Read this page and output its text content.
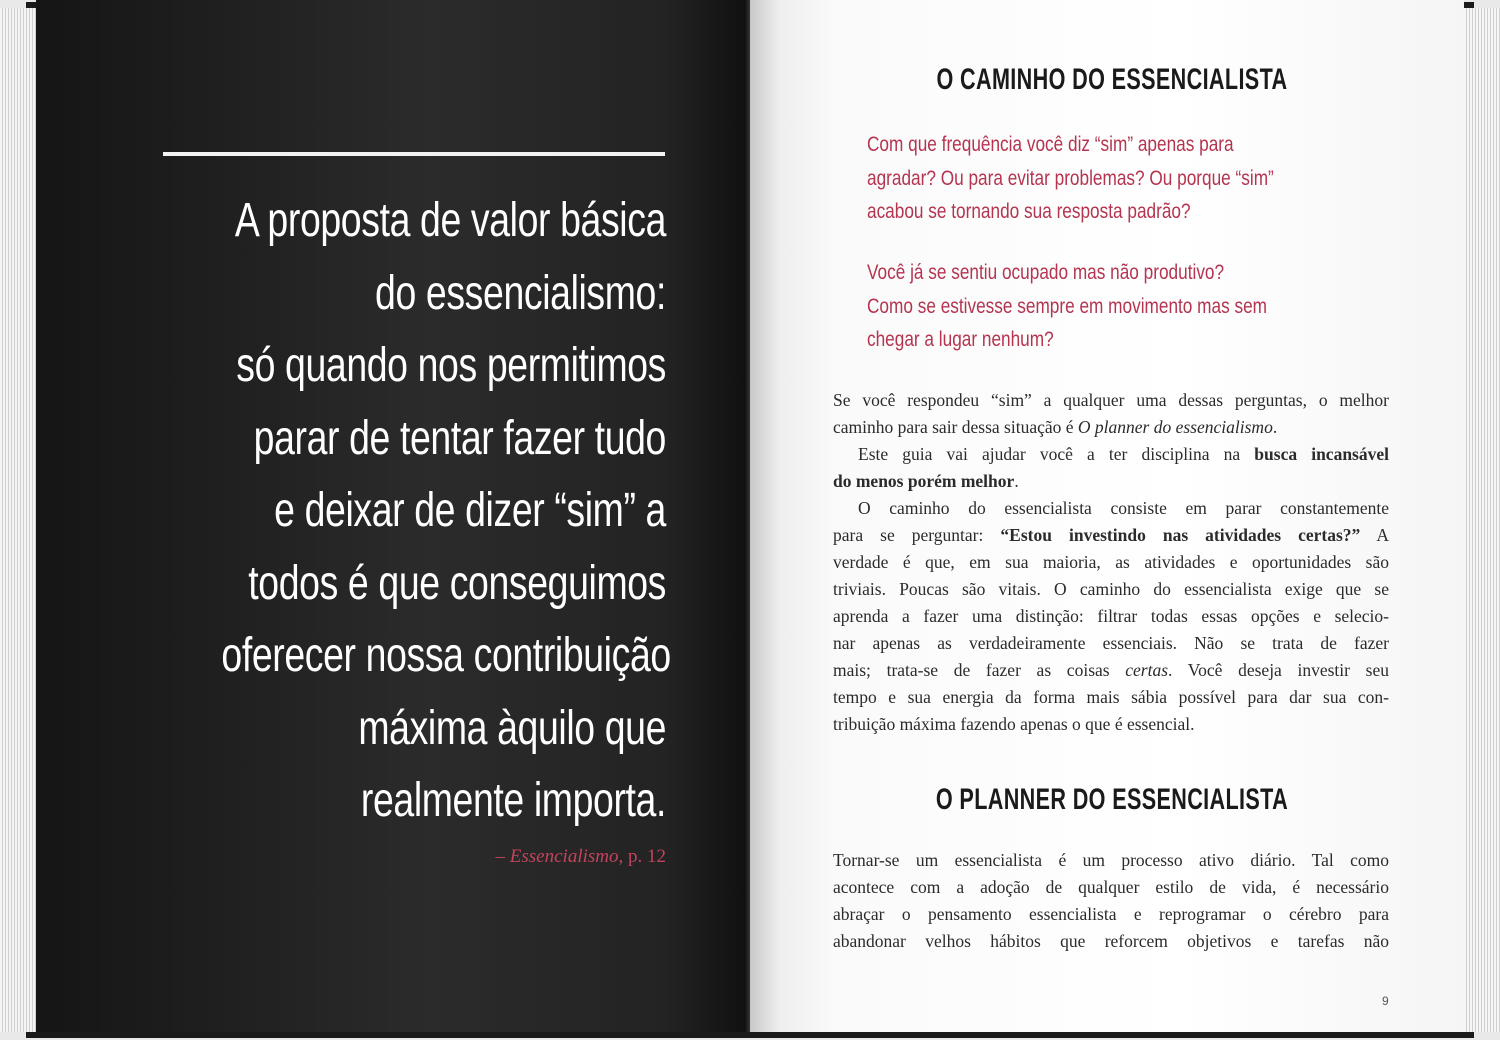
A proposta de valor básica
do essencialismo:
só quando nos permitimos
parar de tentar fazer tudo
e deixar de dizer “sim” a
todos é que conseguimos
oferecer nossa contribuição
máxima àquilo que
realmente importa.
– Essencialismo, p. 12
O CAMINHO DO ESSENCIALISTA
Com que frequência você diz “sim” apenas para
agradar? Ou para evitar problemas? Ou porque “sim”
acabou se tornando sua resposta padrão?
Você já se sentiu ocupado mas não produtivo?
Como se estivesse sempre em movimento mas sem
chegar a lugar nenhum?
Se você respondeu “sim” a qualquer uma dessas perguntas, o melhor
caminho para sair dessa situação é O planner do essencialismo.
Este guia vai ajudar você a ter disciplina na busca incansável
do menos porém melhor.
O caminho do essencialista consiste em parar constantemente
para se perguntar: “Estou investindo nas atividades certas?” A
verdade é que, em sua maioria, as atividades e oportunidades são
triviais. Poucas são vitais. O caminho do essencialista exige que se
aprenda a fazer uma distinção: filtrar todas essas opções e selecio-
nar apenas as verdadeiramente essenciais. Não se trata de fazer
mais; trata-se de fazer as coisas certas. Você deseja investir seu
tempo e sua energia da forma mais sábia possível para dar sua con-
tribuição máxima fazendo apenas o que é essencial.
O PLANNER DO ESSENCIALISTA
Tornar-se um essencialista é um processo ativo diário. Tal como
acontece com a adoção de qualquer estilo de vida, é necessário
abraçar o pensamento essencialista e reprogramar o cérebro para
abandonar velhos hábitos que reforcem objetivos e tarefas não
9
